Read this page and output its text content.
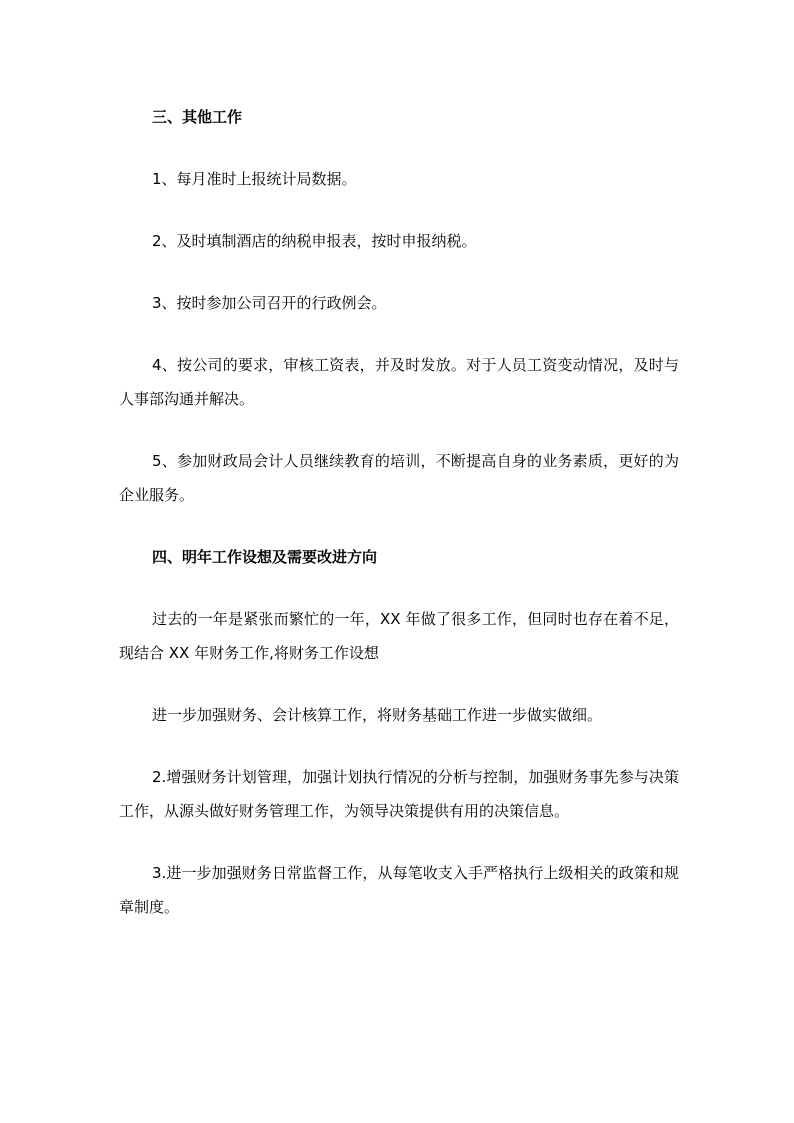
三、其他工作

1、每月准时上报统计局数据。

2、及时填制酒店的纳税申报表，按时申报纳税。

3、按时参加公司召开的行政例会。

4、按公司的要求，审核工资表，并及时发放。对于人员工资变动情况，及时与人事部沟通并解决。

5、参加财政局会计人员继续教育的培训，不断提高自身的业务素质，更好的为企业服务。

四、明年工作设想及需要改进方向

过去的一年是紧张而繁忙的一年，XX 年做了很多工作，但同时也存在着不足，现结合 XX 年财务工作,将财务工作设想

进一步加强财务、会计核算工作，将财务基础工作进一步做实做细。

2.增强财务计划管理，加强计划执行情况的分析与控制，加强财务事先参与决策工作，从源头做好财务管理工作，为领导决策提供有用的决策信息。

3.进一步加强财务日常监督工作，从每笔收支入手严格执行上级相关的政策和规章制度。
